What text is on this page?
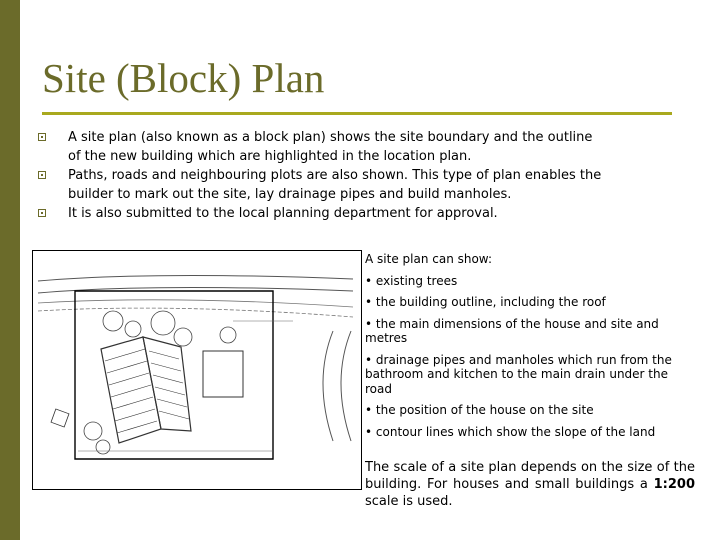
Site (Block) Plan
A site plan (also known as a block plan) shows the site boundary and the outline
of the new building which are highlighted in the location plan.
Paths, roads and neighbouring plots are also shown. This type of plan enables the
builder to mark out the site, lay drainage pipes and build manholes.
It is also submitted to the local planning department for approval.
A site plan can show:
• existing trees
• the building outline, including the roof
• the main dimensions of the house and site and metres
• drainage pipes and manholes which run from the bathroom and kitchen to the main drain under the road
• the position of the house on the site
• contour lines which show the slope of the land
The scale of a site plan depends on the size of the building. For houses and small buildings a 1:200 scale is used.
